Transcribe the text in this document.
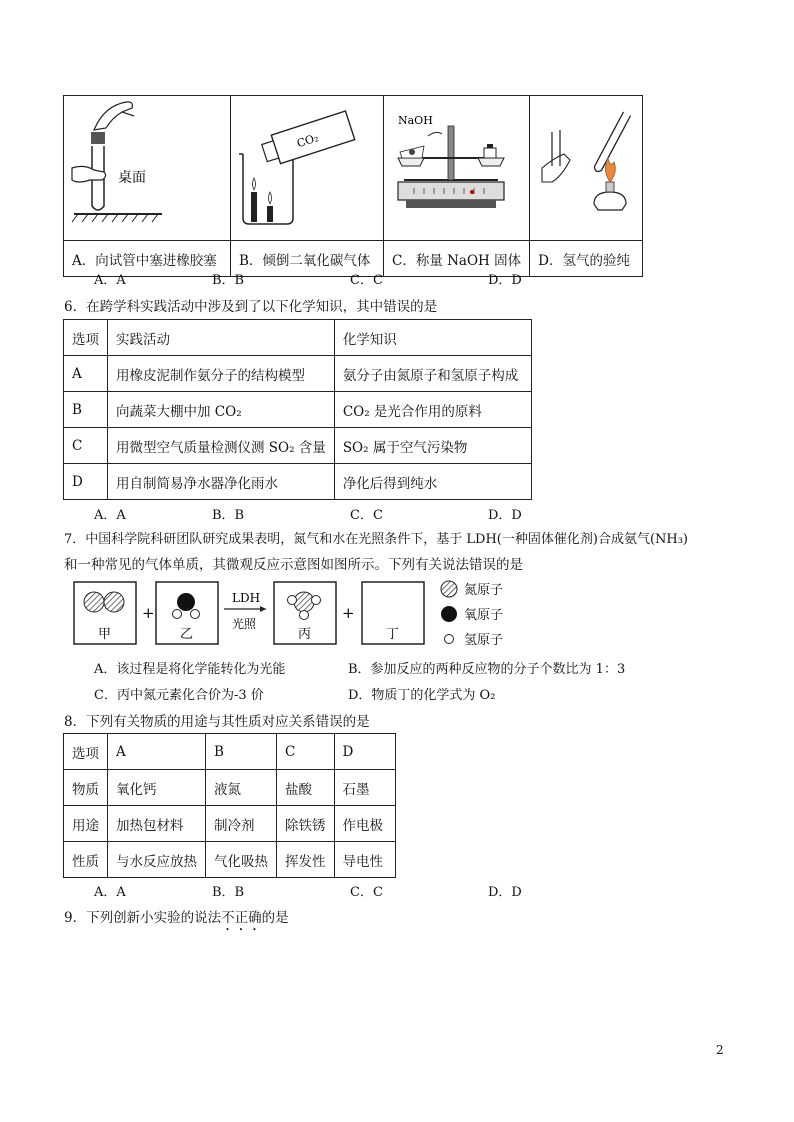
桌面	CO₂	NaOH

A．向试管中塞进橡胶塞	B．倾倒二氧化碳气体	C．称量 NaOH 固体	D．氢气的验纯
A．A	B．B	C．C	D．D
6．在跨学科实践活动中涉及到了以下化学知识，其中错误的是
选项	实践活动	化学知识
A	用橡皮泥制作氨分子的结构模型	氨分子由氮原子和氢原子构成
B	向蔬菜大棚中加 CO₂	CO₂ 是光合作用的原料
C	用微型空气质量检测仪测 SO₂ 含量	SO₂ 属于空气污染物
D	用自制简易净水器净化雨水	净化后得到纯水
A．A	B．B	C．C	D．D
7．中国科学院科研团队研究成果表明，氮气和水在光照条件下，基于 LDH(一种固体催化剂)合成氨气(NH₃)
和一种常见的气体单质，其微观反应示意图如图所示。下列有关说法错误的是
甲
+
乙
LDH
光照
丙
+
丁
氮原子
氧原子
氢原子
A．该过程是将化学能转化为光能	B．参加反应的两种反应物的分子个数比为 1：3
C．丙中氮元素化合价为-3 价	D．物质丁的化学式为 O₂
8．下列有关物质的用途与其性质对应关系错误的是
选项	A	B	C	D
物质	氧化钙	液氮	盐酸	石墨
用途	加热包材料	制冷剂	除铁锈	作电极
性质	与水反应放热	气化吸热	挥发性	导电性
A．A	B．B	C．C	D．D
9．下列创新小实验的说法不正确的是
2
